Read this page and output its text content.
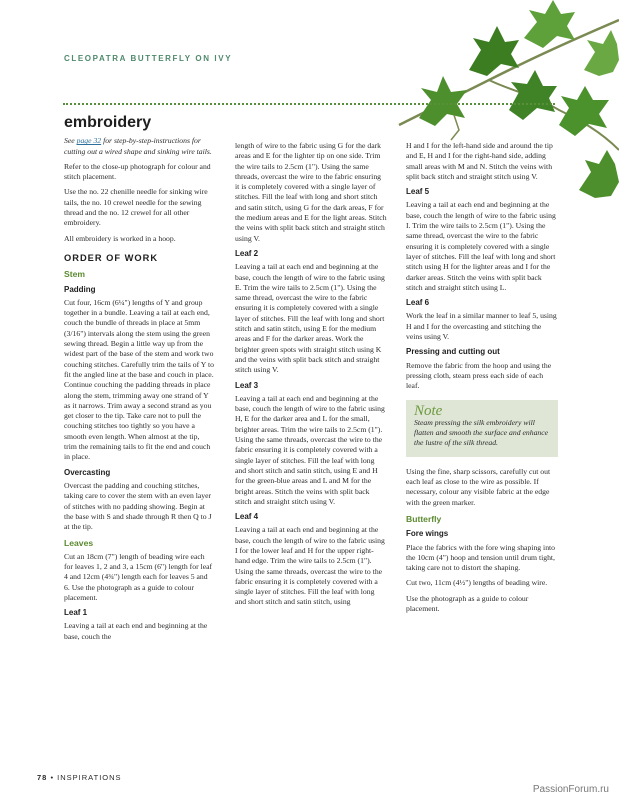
CLEOPATRA BUTTERFLY ON IVY
embroidery

See page 32 for step-by-step-instructions for cutting out a wired shape and sinking wire tails.

Refer to the close-up photograph for colour and stitch placement.

Use the no. 22 chenille needle for sinking wire tails, the no. 10 crewel needle for the sewing thread and the no. 12 crewel for all other embroidery.

All embroidery is worked in a hoop.

ORDER OF WORK
Stem
Padding

Cut four, 16cm (6¼") lengths of Y and group together in a bundle. Leaving a tail at each end, couch the bundle of threads in place at 5mm (3/16") intervals along the stem using the green sewing thread. Begin a little way up from the widest part of the base of the stem and work two couching stitches. Carefully trim the tails of Y to fit the angled line at the base and couch in place. Continue couching the padding threads in place along the stem, trimming away one strand of Y as it narrows. Trim away a second strand as you get closer to the tip. Take care not to pull the couching stitches too tightly so you have a smooth even length. When almost at the tip, trim the remaining tails to fit the end and couch in place.

Overcasting

Overcast the padding and couching stitches, taking care to cover the stem with an even layer of stitches with no padding showing. Begin at the base with S and shade through R then Q to J at the tip.

Leaves

Cut an 18cm (7") length of beading wire each for leaves 1, 2 and 3, a 15cm (6") length for leaf 4 and 12cm (4¾") length each for leaves 5 and 6. Use the photograph as a guide to colour placement.

Leaf 1

Leaving a tail at each end and beginning at the base, couch the

length of wire to the fabric using G for the dark areas and E for the lighter tip on one side. Trim the wire tails to 2.5cm (1"). Using the same threads, overcast the wire to the fabric ensuring it is completely covered with a single layer of stitches. Fill the leaf with long and short stitch and satin stitch, using G for the dark areas, F for the medium areas and E for the light areas. Stitch the veins with split back stitch and straight stitch using V.

Leaf 2

Leaving a tail at each end and beginning at the base, couch the length of wire to the fabric using E. Trim the wire tails to 2.5cm (1"). Using the same thread, overcast the wire to the fabric ensuring it is completely covered with a single layer of stitches. Fill the leaf with long and short stitch and satin stitch, using E for the medium areas and F for the darker areas. Work the brighter green spots with straight stitch using K and the veins with split back stitch and straight stitch using V.

Leaf 3

Leaving a tail at each end and beginning at the base, couch the length of wire to the fabric using H, E for the darker area and L for the small, brighter areas. Trim the wire tails to 2.5cm (1"). Using the same threads, overcast the wire to the fabric ensuring it is completely covered with a single layer of stitches. Fill the leaf with long and short stitch and satin stitch, using E and H for the green-blue areas and L and M for the bright areas. Stitch the veins with split back stitch and straight stitch using V.

Leaf 4

Leaving a tail at each end and beginning at the base, couch the length of wire to the fabric using I for the lower leaf and H for the upper right-hand edge. Trim the wire tails to 2.5cm (1"). Using the same threads, overcast the wire to the fabric ensuring it is completely covered with a single layer of stitches. Fill the leaf with long and short stitch and satin stitch, using

H and I for the left-hand side and around the tip and E, H and I for the right-hand side, adding small areas with M and N. Stitch the veins with split back stitch and straight stitch using V.

Leaf 5

Leaving a tail at each end and beginning at the base, couch the length of wire to the fabric using I. Trim the wire tails to 2.5cm (1"). Using the same thread, overcast the wire to the fabric ensuring it is completely covered with a single layer of stitches. Fill the leaf with long and short stitch using H for the lighter areas and I for the darker areas. Stitch the veins with split back stitch and straight stitch using L.

Leaf 6

Work the leaf in a similar manner to leaf 5, using H and I for the overcasting and stitching the veins using V.

Pressing and cutting out

Remove the fabric from the hoop and using the pressing cloth, steam press each side of each leaf.

Note
Steam pressing the silk embroidery will flatten and smooth the surface and enhance the lustre of the silk thread.

Using the fine, sharp scissors, carefully cut out each leaf as close to the wire as possible. If necessary, colour any visible fabric at the edge with the green marker.

Butterfly
Fore wings

Place the fabrics with the fore wing shaping into the 10cm (4") hoop and tension until drum tight, taking care not to distort the shaping.

Cut two, 11cm (4½") lengths of beading wire.

Use the photograph as a guide to colour placement.

78 • INSPIRATIONS
PassionForum.ru
